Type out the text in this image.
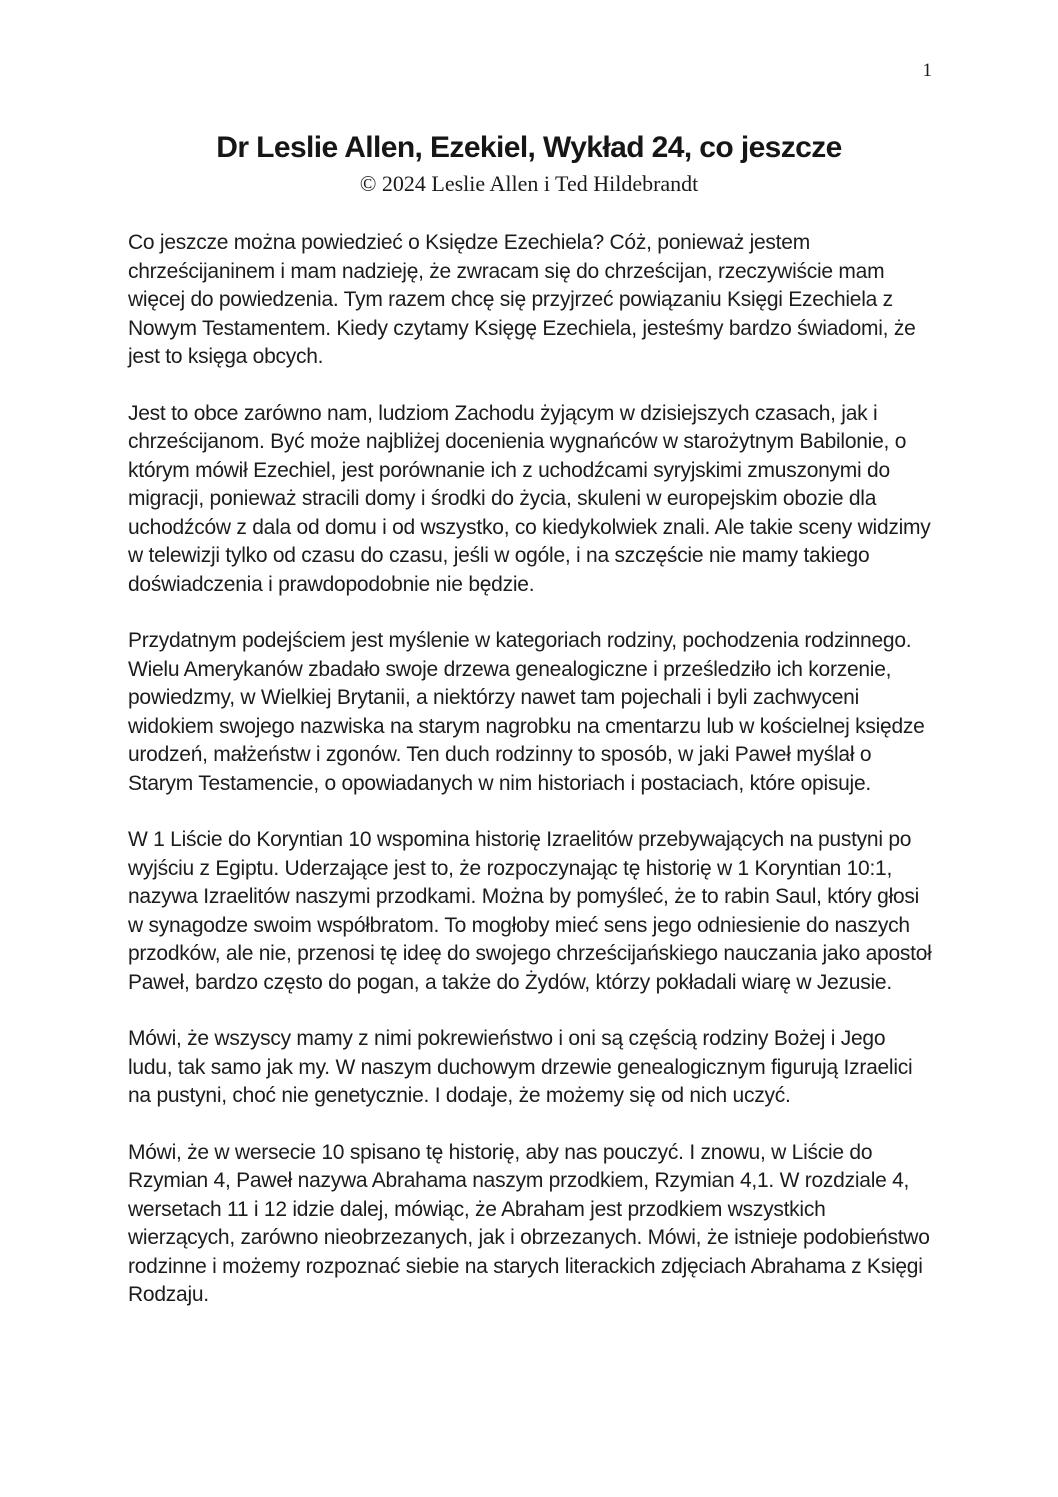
1
Dr Leslie Allen, Ezekiel, Wykład 24, co jeszcze
© 2024 Leslie Allen i Ted Hildebrandt

Co jeszcze można powiedzieć o Księdze Ezechiela? Cóż, ponieważ jestem chrześcijaninem i mam nadzieję, że zwracam się do chrześcijan, rzeczywiście mam więcej do powiedzenia. Tym razem chcę się przyjrzeć powiązaniu Księgi Ezechiela z Nowym Testamentem. Kiedy czytamy Księgę Ezechiela, jesteśmy bardzo świadomi, że jest to księga obcych.

Jest to obce zarówno nam, ludziom Zachodu żyjącym w dzisiejszych czasach, jak i chrześcijanom. Być może najbliżej docenienia wygnańców w starożytnym Babilonie, o którym mówił Ezechiel, jest porównanie ich z uchodźcami syryjskimi zmuszonymi do migracji, ponieważ stracili domy i środki do życia, skuleni w europejskim obozie dla uchodźców z dala od domu i od wszystko, co kiedykolwiek znali. Ale takie sceny widzimy w telewizji tylko od czasu do czasu, jeśli w ogóle, i na szczęście nie mamy takiego doświadczenia i prawdopodobnie nie będzie.

Przydatnym podejściem jest myślenie w kategoriach rodziny, pochodzenia rodzinnego. Wielu Amerykanów zbadało swoje drzewa genealogiczne i prześledziło ich korzenie, powiedzmy, w Wielkiej Brytanii, a niektórzy nawet tam pojechali i byli zachwyceni widokiem swojego nazwiska na starym nagrobku na cmentarzu lub w kościelnej księdze urodzeń, małżeństw i zgonów. Ten duch rodzinny to sposób, w jaki Paweł myślał o Starym Testamencie, o opowiadanych w nim historiach i postaciach, które opisuje.

W 1 Liście do Koryntian 10 wspomina historię Izraelitów przebywających na pustyni po wyjściu z Egiptu. Uderzające jest to, że rozpoczynając tę historię w 1 Koryntian 10:1, nazywa Izraelitów naszymi przodkami. Można by pomyśleć, że to rabin Saul, który głosi w synagodze swoim współbratom. To mogłoby mieć sens jego odniesienie do naszych przodków, ale nie, przenosi tę ideę do swojego chrześcijańskiego nauczania jako apostoł Paweł, bardzo często do pogan, a także do Żydów, którzy pokładali wiarę w Jezusie.

Mówi, że wszyscy mamy z nimi pokrewieństwo i oni są częścią rodziny Bożej i Jego ludu, tak samo jak my. W naszym duchowym drzewie genealogicznym figurują Izraelici na pustyni, choć nie genetycznie. I dodaje, że możemy się od nich uczyć.

Mówi, że w wersecie 10 spisano tę historię, aby nas pouczyć. I znowu, w Liście do Rzymian 4, Paweł nazywa Abrahama naszym przodkiem, Rzymian 4,1. W rozdziale 4, wersetach 11 i 12 idzie dalej, mówiąc, że Abraham jest przodkiem wszystkich wierzących, zarówno nieobrzezanych, jak i obrzezanych. Mówi, że istnieje podobieństwo rodzinne i możemy rozpoznać siebie na starych literackich zdjęciach Abrahama z Księgi Rodzaju.
